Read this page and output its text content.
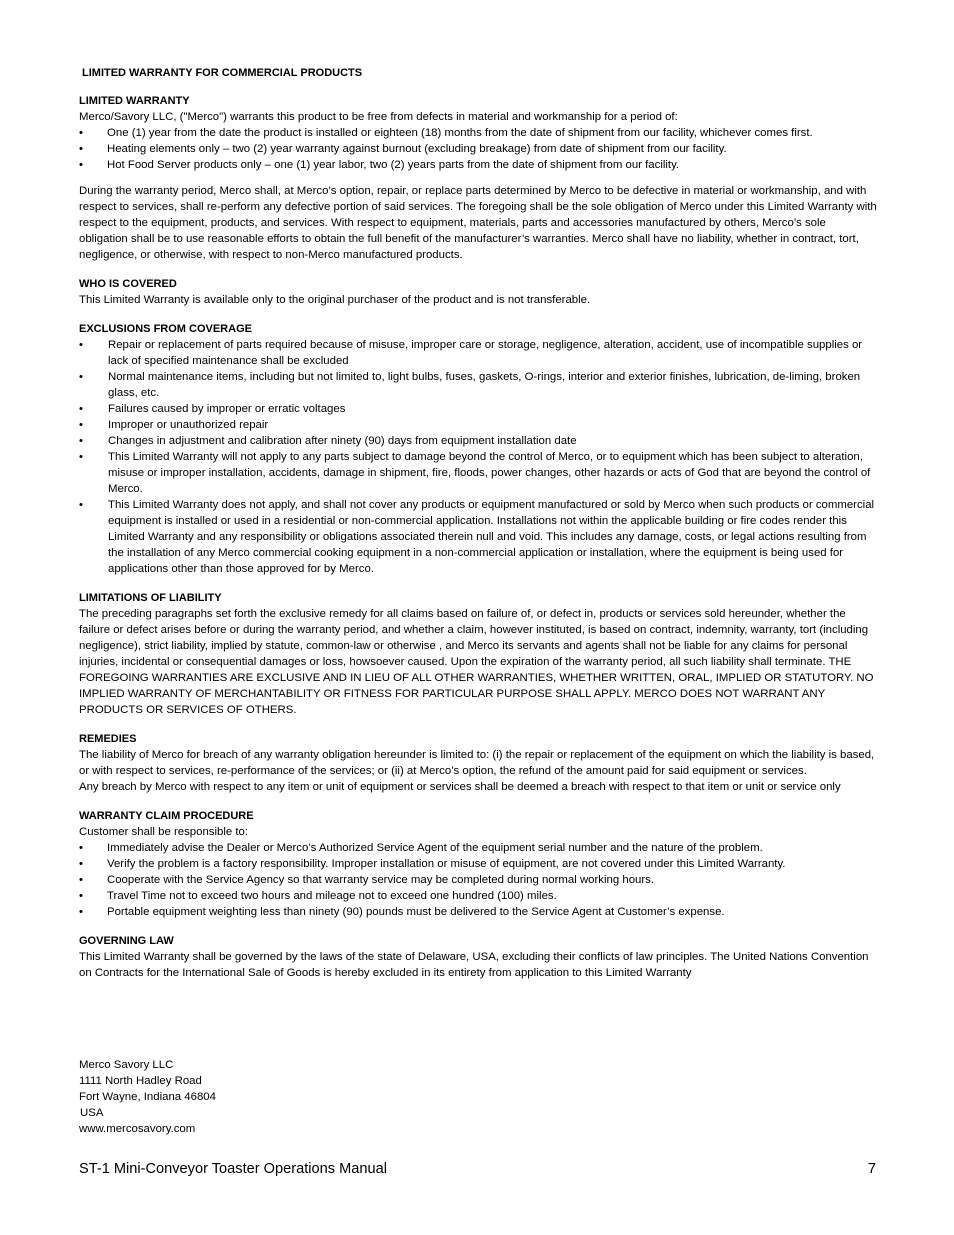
LIMITED WARRANTY FOR COMMERCIAL PRODUCTS
LIMITED WARRANTY

Merco/Savory LLC, ("Merco") warrants this product to be free from defects in material and workmanship for a period of:

• One (1) year from the date the product is installed or eighteen (18) months from the date of shipment from our facility, whichever comes first.
• Heating elements only – two (2) year warranty against burnout (excluding breakage) from date of shipment from our facility.
• Hot Food Server products only – one (1) year labor, two (2) years parts from the date of shipment from our facility.

During the warranty period, Merco shall, at Merco’s option, repair, or replace parts determined by Merco to be defective in material or workmanship, and with respect to services, shall re-perform any defective portion of said services. The foregoing shall be the sole obligation of Merco under this Limited Warranty with respect to the equipment, products, and services. With respect to equipment, materials, parts and accessories manufactured by others, Merco’s sole obligation shall be to use reasonable efforts to obtain the full benefit of the manufacturer’s warranties. Merco shall have no liability, whether in contract, tort, negligence, or otherwise, with respect to non-Merco manufactured products.

WHO IS COVERED

This Limited Warranty is available only to the original purchaser of the product and is not transferable.

EXCLUSIONS FROM COVERAGE
• Repair or replacement of parts required because of misuse, improper care or storage, negligence, alteration, accident, use of incompatible supplies or lack of specified maintenance shall be excluded
• Normal maintenance items, including but not limited to, light bulbs, fuses, gaskets, O-rings, interior and exterior finishes, lubrication, de-liming, broken glass, etc.
• Failures caused by improper or erratic voltages
• Improper or unauthorized repair
• Changes in adjustment and calibration after ninety (90) days from equipment installation date
• This Limited Warranty will not apply to any parts subject to damage beyond the control of Merco, or to equipment which has been subject to alteration, misuse or improper installation, accidents, damage in shipment, fire, floods, power changes, other hazards or acts of God that are beyond the control of Merco.
• This Limited Warranty does not apply, and shall not cover any products or equipment manufactured or sold by Merco when such products or commercial equipment is installed or used in a residential or non-commercial application. Installations not within the applicable building or fire codes render this Limited Warranty and any responsibility or obligations associated therein null and void. This includes any damage, costs, or legal actions resulting from the installation of any Merco commercial cooking equipment in a non-commercial application or installation, where the equipment is being used for applications other than those approved for by Merco.
LIMITATIONS OF LIABILITY

The preceding paragraphs set forth the exclusive remedy for all claims based on failure of, or defect in, products or services sold hereunder, whether the failure or defect arises before or during the warranty period, and whether a claim, however instituted, is based on contract, indemnity, warranty, tort (including negligence), strict liability, implied by statute, common-law or otherwise , and Merco its servants and agents shall not be liable for any claims for personal injuries, incidental or consequential damages or loss, howsoever caused. Upon the expiration of the warranty period, all such liability shall terminate. THE FOREGOING WARRANTIES ARE EXCLUSIVE AND IN LIEU OF ALL OTHER WARRANTIES, WHETHER WRITTEN, ORAL, IMPLIED OR STATUTORY. NO IMPLIED WARRANTY OF MERCHANTABILITY OR FITNESS FOR PARTICULAR PURPOSE SHALL APPLY. MERCO DOES NOT WARRANT ANY PRODUCTS OR SERVICES OF OTHERS.

REMEDIES

The liability of Merco for breach of any warranty obligation hereunder is limited to: (i) the repair or replacement of the equipment on which the liability is based, or with respect to services, re-performance of the services; or (ii) at Merco’s option, the refund of the amount paid for said equipment or services.

Any breach by Merco with respect to any item or unit of equipment or services shall be deemed a breach with respect to that item or unit or service only

WARRANTY CLAIM PROCEDURE

Customer shall be responsible to:

• Immediately advise the Dealer or Merco’s Authorized Service Agent of the equipment serial number and the nature of the problem.
• Verify the problem is a factory responsibility. Improper installation or misuse of equipment, are not covered under this Limited Warranty.
• Cooperate with the Service Agency so that warranty service may be completed during normal working hours.
• Travel Time not to exceed two hours and mileage not to exceed one hundred (100) miles.
• Portable equipment weighting less than ninety (90) pounds must be delivered to the Service Agent at Customer’s expense.
GOVERNING LAW

This Limited Warranty shall be governed by the laws of the state of Delaware, USA, excluding their conflicts of law principles. The United Nations Convention on Contracts for the International Sale of Goods is hereby excluded in its entirety from application to this Limited Warranty

Merco Savory LLC
1111 North Hadley Road
Fort Wayne, Indiana 46804
USA
www.mercosavory.com
ST-1 Mini-Conveyor Toaster Operations Manual	7
